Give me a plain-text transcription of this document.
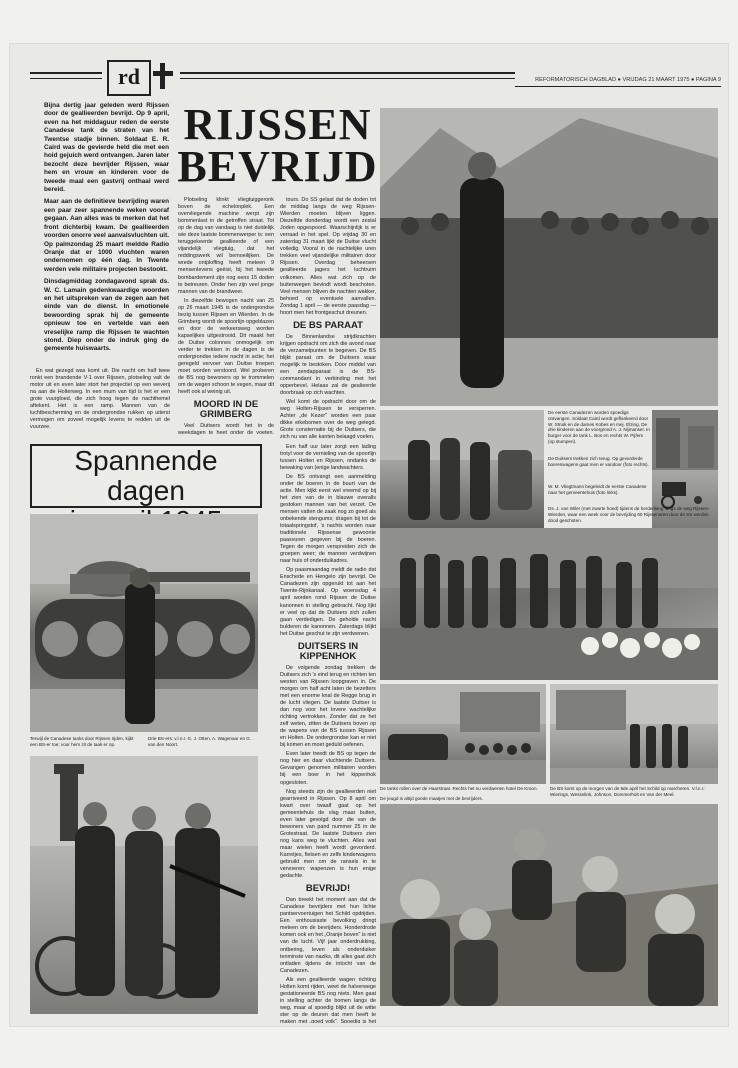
rd	REFORMATORISCH DAGBLAD ● VRIJDAG 21 MAART 1975 ● PAGINA 9

Bijna dertig jaar geleden werd Rijssen door de geallieerden bevrijd. Op 9 april, even na het middaguur reden de eerste Canadese tank de straten van het Twentse stadje binnen. Soldaat E. R. Caird was de gevierde held die met een hoid gejuich werd ontvangen. Jaren later bezocht deze bevrijder Rijssen, waar hem en vrouw en kinderen voor de tweede maal een gastvrij onthaal werd bereid.

Maar aan de definitieve bevrijding waren een paar zeer spannende weken vooraf gegaan. Aan alles was te merken dat het front dichterbij kwam. De geallieerden voorden onorre veel aanvalsvluchten uit. Op palmzondag 25 maart meldde Radio Oranje dat er 1000 vluchten waren ondernomen op één dag. In Twente werden vele militaire projecten bestookt.

Dinsdagmiddag zondagavond sprak ds. W. C. Lamain gedenkwaardige woorden en het uitspreken van de zegen aan het einde van de dienst. In emotionele bewoording sprak hij de gemeente opnieuw toe en vertelde van een vreselijke ramp die Rijssen te wachten stond. Diep onder de indruk ging de gemeente huiswaarts.

En wat gezegd was komt uit. Die nacht om half twee ronkt een brandende V-1 over Rijssen, plotseling valt de motor uit en even later stort het projectiel op een weverij na aan de Holterweg. In een mum van tijd is het er een grote vuurgloed, die zich hoog tegen de nachthemel aftekent. Het is een ramp. Mannen van de luchtbescherming en de ondergrondse rukken op uiterst vermogen om zoveel mogelijk levens te redden uit de vuurzee.

RIJSSEN
BEVRIJD

Plotseling klinkt vliegtuiggeronk boven de echelonplek. Een overvliegende machine werpt zijn bommenlast in de getroffen straat. Tot op de dag van vandaag is niet duidelijk wie deze laatste bommenwerper is: een teruggekeerde geallieerde of een vijandelijk vliegtuig, dat het reddingswerk wil bemoeilijken. De wrede ontploffing heeft meteen 9 mensenlevens geëist, bij het tweede bombardement zijn nog eens 15 doden te betreuren. Onder hen zijn veel jonge mannen van de brandweer.

In diezelfde bewogen nacht van 25 op 26 maart 1945 is de ondergrondse bezig tussen Rijssen en Wierden. In de Grimberg wordt de spoorlijn opgeblazen en door de verkeersweg worden kapselijkes uitgestrooid. Dit maakt het de Duitse colonnes onmogelijk om verder te trekken in de dagen is de ondergrondse iedere nacht in actie; het geregeld vervoer van Duitse troepen moet worden verstoord. Wel proberen de BS nog bewoners op te trommelen om de wegen schoon te vegen, maar dit heeft ook al weinig uit.

MOORD IN DE GRIMBERG

Veel Duitsers wordt het in de weekdagen te heet onder de voeten.

tours. Do SS gelast dat de doden tot de middag langs de weg Rijssen-Wierden moeten blijven liggen. Diezelfde donderdag wordt een zestal Joden opgespoord. Waarschijnlijk is er verraad in het spel. Op vrijdag 30 en zaterdag 31 maart lijkt de Duitse vlucht volledig. Vooral in de nachtelijke uren trekken veel vijandelijke militairen door Rijssen. Overdag beheersen geallieerde jagers het luchtruim volkomen. Alles wat zich op de buitenwegen bevindt wordt beschoten. Veel mensen blijven de nachten wakker, behoed op eventuele aanvallen. Zondag 1 april — de eerste paasdag — hoort men het frontgeschut dreunen.

DE BS PARAAT

De Binnenlandse strijdkrachten krijgen opdracht om zich die avond naar de verzamelpunten te begeven. De BS blijkt paraat om de Duitsers waar mogelijk te bestoken. Door middel van een zendapparaat is de BS-commandant in verbinding met het opperbevel. Helaas zal de gealieerde doorbraak op zich wachten.

Wel komt de opdracht door om de weg Holten-Rijssen te versperren. Achter „de Kezer" worden een paar dikke eikebomen over de weg gelegd. Grote consternatie bij de Duitsers, die zich nu van alle kanten belaagd voelen.

Een half uur later zorgt een lading trotyl voor de vernieling van de spoorlijn tussen Holten en Rijssen, ondanks de bewaking van (enige landwachters.

De BS ontvangt een aanmelding onder de boeren in de buurt van de actie. Men kijkt eerst wel vreemd op bij het zien van de in blauwe overalls gestoken mannen van het verzet. De mensen vatten de zaak nog zo goed als onbekende stengums; dragen bij tot de totaalspringstof, ’s nachts worden naar traditionele Rijssense gewoonte paasvuren gegeven bij de boeren. Tegen de morgen verspreiden zich de groepen weer; de mannen verdwijnen naar huis of onderduikadres.

Op paasmaandag meldt de radio dat Enschede en Hengelo zijn bevrijd. De Canadezen zijn opgerukt tot aan het Twente-Rijnkanaal. Op woensdag 4 april worden rond Rijssen de Duitse kanonnen in stelling gebracht. Nog lijkt er veel op dat de Duitsers zich zullen gaan verdedigen. De geholde nacht bulderen de kanonnen. Zaterdags blijkt het Duitse geschut te zijn verdwenen.

DUITSERS IN KIPPENHOK

De volgende zondag trekken de Duitsers zich ’s eind terug en richten ten westen van Rijssen loopgraven in. De morgen om half acht laten de bezetters met een enorme knal de Regge brug in de lucht vliegen. De laatste Duitser is dan nog voor het Invere wachtelijke richting vertrokken. Zonder dat ze het zelf weten, zitten de Duitsers boven op de wapens van de BS tussen Rijssen en Holten. De ondergrondse kan er niet bij komen en moet geduld oefenen.

Even later treedt de BS op tegen de nog hier en daar vluchtende Duitsers. Gevangen genomen militairen worden bij een boer in het kippenhok opgesloten.

Nog steeds zijn de geallieerden niet gearriveerd in Rijssen. Op 8 april om kwart over twaalf gaat op het gemeentehuis de vlag maar buiten, even later gevolgd door die van de bewoners van pand nummer 25 in de Grotestraat. De laatste Duitsers zien nog kans weg te vluchten. Alles wat maar wielen heeft wordt gevorderd. Karretjes, fietsen en zelfs kinderwagens gebruikt men om de ransels in te vervoeren; wapenzen is hun enige gedachte.

BEVRIJD!

Dan breekt het moment aan dat de Canadese bevrijders met hun lichte pantservoertuigen het Schild opdrijden. Een enthousiaste bevolking dringt meteen om de bevrijders. Honderdrode komen ook en het „Oranje boven" is niet van de lucht. Vijf jaar onderdrukking, ontbering, leven als onderduiker tenminste van naziks, dit alles gaat zich ontladen tijdens de intocht van de Canadezen.

Als een geallieerde wagen richting Holten komt rijden, weet de halverwege gestationeerde BS nog niets. Men gaat in stelling achter de bomen langs de weg, maar al spoedig blijkt uit de witte ster op de deuren dat men heeft te maken met „goed volk". Spoedig is het

Spannende dagen
Terwijl de Canadese tanks door Rijssen rijden, kijkt een BS-er toe; voor hem zit de taak er op.
Drie BS-ers: v.l.n.r. G. J. Otten, A. Wagenaar en G. van den Noort.
De eerste Canadezen worden spoedigs ontvangen. Soldaat Caird wordt geflankeerd door W. Struik en de dames Kobes en mej. Elzing. De drie kinderen aan de voorgrond A. J. Nijmansel. In burger voor de tank L. Bos en rechts W. Pijfers (op stumpen).
De Duitsers trekken zich terug. Op gevorderde boerenwagens gaat men er vandoor (foto rechts).
W. M. Vliegtmann begeleidt de eerste Canadese naar het gemeentehuis (foto links).
Ds. J. van Wiler (met zwarte hoed) tijdens de herdenking langs de weg Rijssen-Wierden, waar een week voor de bevrijding 60 Rijssenaren door de SS werden dood geschoten.
De tanks rollen over de Haarstraat. Rechts het nu verdwenen hotel De Kroon.	De BS komt op de morgen van de 9de april het Schild op marcheren. V.l.n.r.: Wierings, Wesselink, Johnson, Dommerholt en Van der Meel.
De jeugd is altijd goede maatjes met de bevrijders.
